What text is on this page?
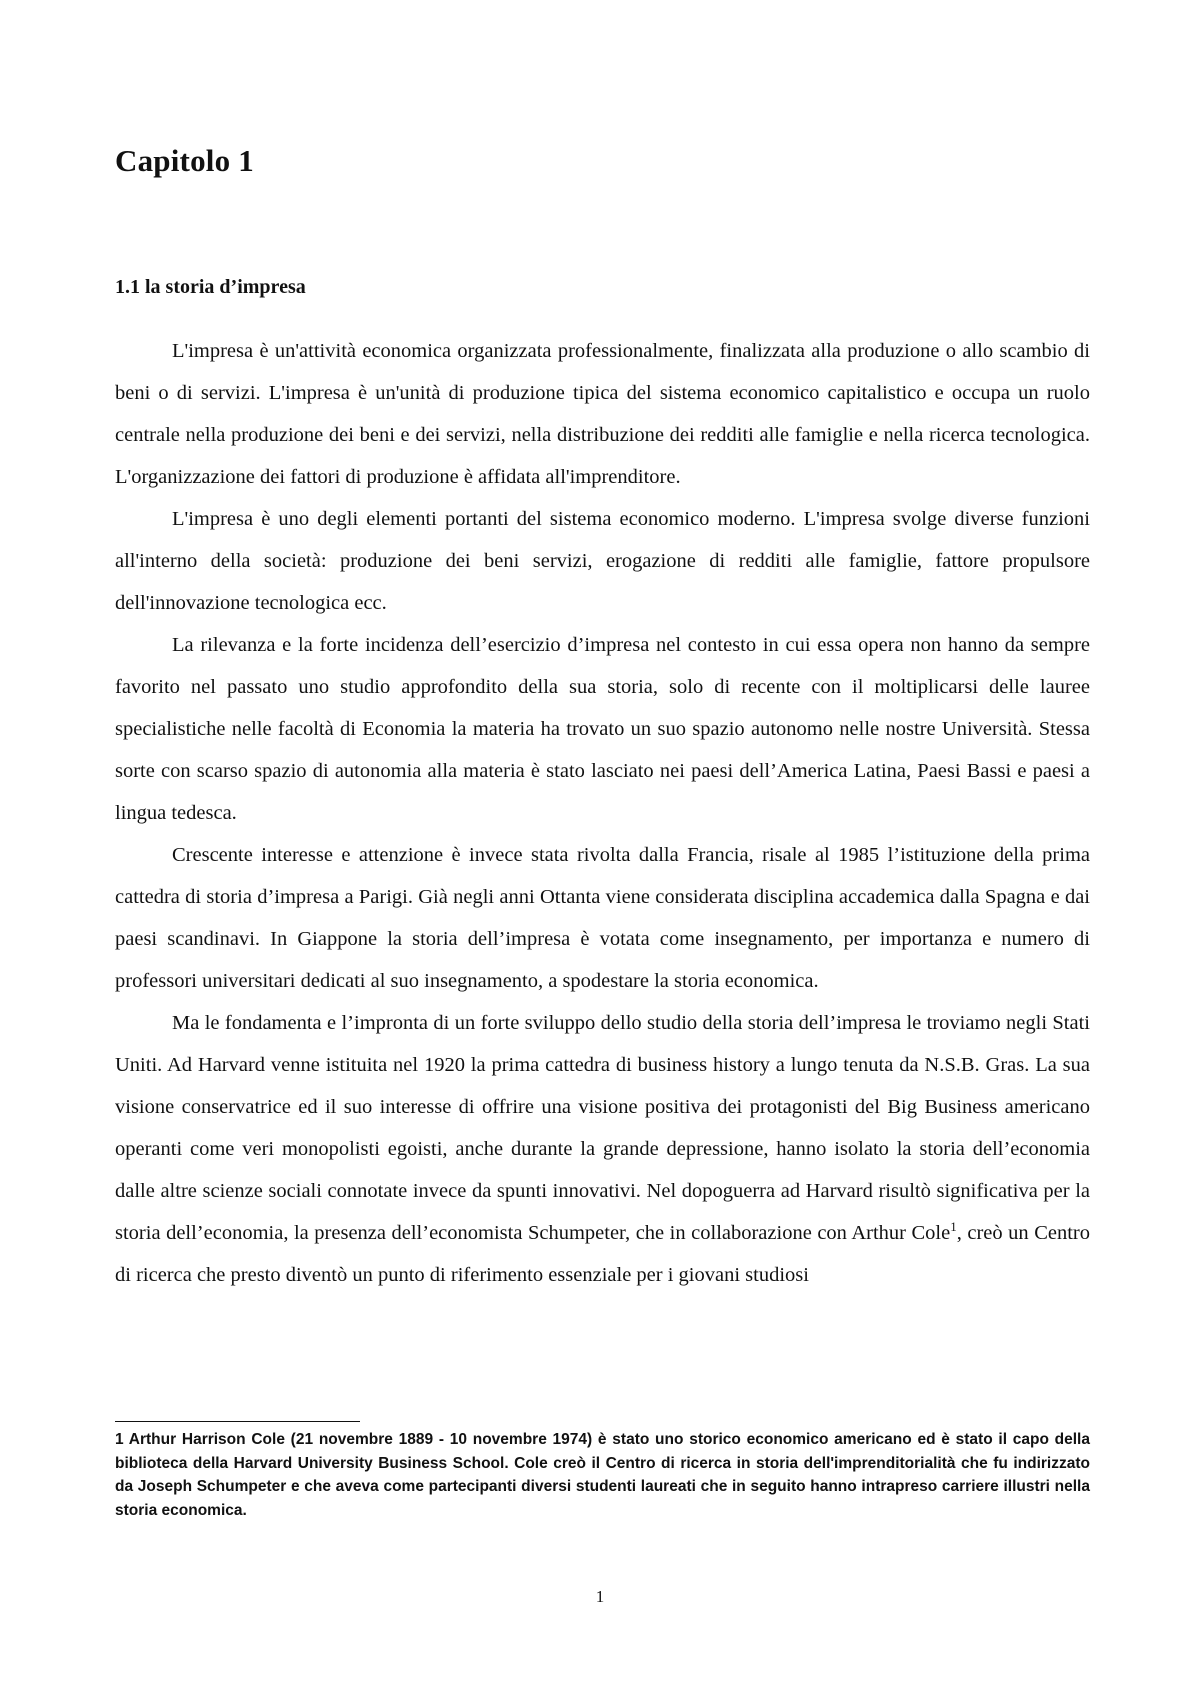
Capitolo 1
1.1 la storia d’impresa

L'impresa è un'attività economica organizzata professionalmente, finalizzata alla produzione o allo scambio di beni o di servizi. L'impresa è un'unità di produzione tipica del sistema economico capitalistico e occupa un ruolo centrale nella produzione dei beni e dei servizi, nella distribuzione dei redditi alle famiglie e nella ricerca tecnologica. L'organizzazione dei fattori di produzione è affidata all'imprenditore.

L'impresa è uno degli elementi portanti del sistema economico moderno. L'impresa svolge diverse funzioni all'interno della società: produzione dei beni servizi, erogazione di redditi alle famiglie, fattore propulsore dell'innovazione tecnologica ecc.

La rilevanza e la forte incidenza dell’esercizio d’impresa nel contesto in cui essa opera non hanno da sempre favorito nel passato uno studio approfondito della sua storia, solo di recente con il moltiplicarsi delle lauree specialistiche nelle facoltà di Economia la materia ha trovato un suo spazio autonomo nelle nostre Università. Stessa sorte con scarso spazio di autonomia alla materia è stato lasciato nei paesi dell’America Latina, Paesi Bassi e paesi a lingua tedesca.

Crescente interesse e attenzione è invece stata rivolta dalla Francia, risale al 1985 l’istituzione della prima cattedra di storia d’impresa a Parigi. Già negli anni Ottanta viene considerata disciplina accademica dalla Spagna e dai paesi scandinavi. In Giappone la storia dell’impresa è votata come insegnamento, per importanza e numero di professori universitari dedicati al suo insegnamento, a spodestare la storia economica.

Ma le fondamenta e l’impronta di un forte sviluppo dello studio della storia dell’impresa le troviamo negli Stati Uniti. Ad Harvard venne istituita nel 1920 la prima cattedra di business history a lungo tenuta da N.S.B. Gras. La sua visione conservatrice ed il suo interesse di offrire una visione positiva dei protagonisti del Big Business americano operanti come veri monopolisti egoisti, anche durante la grande depressione, hanno isolato la storia dell’economia dalle altre scienze sociali connotate invece da spunti innovativi. Nel dopoguerra ad Harvard risultò significativa per la storia dell’economia, la presenza dell’economista Schumpeter, che in collaborazione con Arthur Cole$^1$, creò un Centro di ricerca che presto diventò un punto di riferimento essenziale per i giovani studiosi

1 Arthur Harrison Cole (21 novembre 1889 - 10 novembre 1974) è stato uno storico economico americano ed è stato il capo della biblioteca della Harvard University Business School. Cole creò il Centro di ricerca in storia dell'imprenditorialità che fu indirizzato da Joseph Schumpeter e che aveva come partecipanti diversi studenti laureati che in seguito hanno intrapreso carriere illustri nella storia economica.

1
